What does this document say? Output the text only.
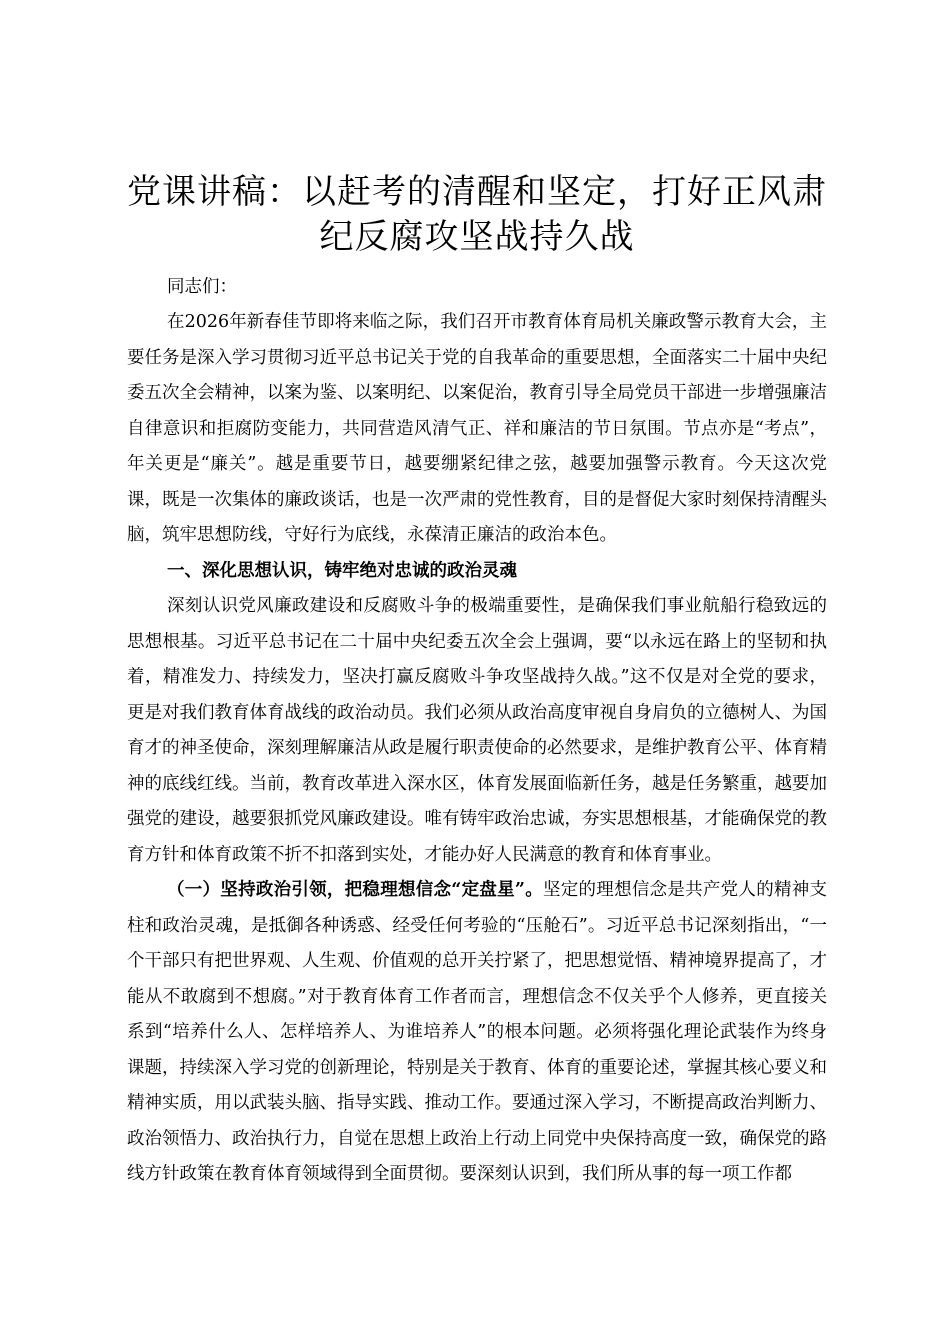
党课讲稿：以赶考的清醒和坚定，打好正风肃纪反腐攻坚战持久战

同志们：

在2026年新春佳节即将来临之际，我们召开市教育体育局机关廉政警示教育大会，主要任务是深入学习贯彻习近平总书记关于党的自我革命的重要思想，全面落实二十届中央纪委五次全会精神，以案为鉴、以案明纪、以案促治，教育引导全局党员干部进一步增强廉洁自律意识和拒腐防变能力，共同营造风清气正、祥和廉洁的节日氛围。节点亦是“考点”，年关更是“廉关”。越是重要节日，越要绷紧纪律之弦，越要加强警示教育。今天这次党课，既是一次集体的廉政谈话，也是一次严肃的党性教育，目的是督促大家时刻保持清醒头脑，筑牢思想防线，守好行为底线，永葆清正廉洁的政治本色。

一、深化思想认识，铸牢绝对忠诚的政治灵魂

深刻认识党风廉政建设和反腐败斗争的极端重要性，是确保我们事业航船行稳致远的思想根基。习近平总书记在二十届中央纪委五次全会上强调，要“以永远在路上的坚韧和执着，精准发力、持续发力，坚决打赢反腐败斗争攻坚战持久战。”这不仅是对全党的要求，更是对我们教育体育战线的政治动员。我们必须从政治高度审视自身肩负的立德树人、为国育才的神圣使命，深刻理解廉洁从政是履行职责使命的必然要求，是维护教育公平、体育精神的底线红线。当前，教育改革进入深水区，体育发展面临新任务，越是任务繁重，越要加强党的建设，越要狠抓党风廉政建设。唯有铸牢政治忠诚，夯实思想根基，才能确保党的教育方针和体育政策不折不扣落到实处，才能办好人民满意的教育和体育事业。

（一）坚持政治引领，把稳理想信念“定盘星”。坚定的理想信念是共产党人的精神支柱和政治灵魂，是抵御各种诱惑、经受任何考验的“压舱石”。习近平总书记深刻指出，“一个干部只有把世界观、人生观、价值观的总开关拧紧了，把思想觉悟、精神境界提高了，才能从不敢腐到不想腐。”对于教育体育工作者而言，理想信念不仅关乎个人修养，更直接关系到“培养什么人、怎样培养人、为谁培养人”的根本问题。必须将强化理论武装作为终身课题，持续深入学习党的创新理论，特别是关于教育、体育的重要论述，掌握其核心要义和精神实质，用以武装头脑、指导实践、推动工作。要通过深入学习，不断提高政治判断力、政治领悟力、政治执行力，自觉在思想上政治上行动上同党中央保持高度一致，确保党的路线方针政策在教育体育领域得到全面贯彻。要深刻认识到，我们所从事的每一项工作都
